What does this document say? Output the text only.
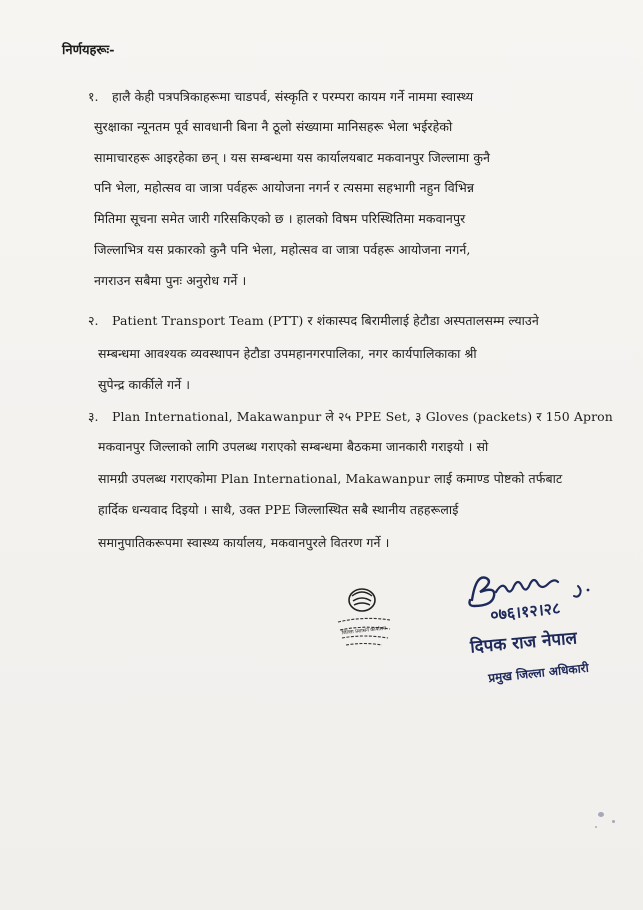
निर्णयहरूः-
१.	हालै केही पत्रपत्रिकाहरूमा चाडपर्व, संस्कृति र परम्परा कायम गर्ने नाममा स्वास्थ्य
सुरक्षाका न्यूनतम पूर्व सावधानी बिना नै ठूलो संख्यामा मानिसहरू भेला भईरहेको
सामाचारहरू आइरहेका छन् । यस सम्बन्धमा यस कार्यालयबाट मकवानपुर जिल्लामा कुनै
पनि भेला, महोत्सव वा जात्रा पर्वहरू आयोजना नगर्न र त्यसमा सहभागी नहुन विभिन्न
मितिमा सूचना समेत जारी गरिसकिएको छ । हालको विषम परिस्थितिमा मकवानपुर
जिल्लाभित्र यस प्रकारको कुनै पनि भेला, महोत्सव वा जात्रा पर्वहरू आयोजना नगर्न,
नगराउन सबैमा पुनः अनुरोध गर्ने ।
२.	Patient Transport Team (PTT) र शंकास्पद बिरामीलाई हेटौडा अस्पतालसम्म ल्याउने
सम्बन्धमा आवश्यक व्यवस्थापन हेटौडा उपमहानगरपालिका, नगर कार्यपालिकाका श्री
सुपेन्द्र कार्कीले गर्ने ।
३.	Plan International, Makawanpur ले २५ PPE Set, ३ Gloves (packets) र 150 Apron
मकवानपुर जिल्लाको लागि उपलब्ध गराएको सम्बन्धमा बैठकमा जानकारी गराइयो । सो
सामग्री उपलब्ध गराएकोमा Plan International, Makawanpur लाई कमाण्ड पोष्टको तर्फबाट
हार्दिक धन्यवाद दिइयो । साथै, उक्त PPE जिल्लास्थित सबै स्थानीय तहहरूलाई
समानुपातिकरूपमा स्वास्थ्य कार्यालय, मकवानपुरले वितरण गर्ने ।
जिल्ला प्रशासन कार्यालय
०७६।१२।२८
दिपक राज नेपाल
प्रमुख जिल्ला अधिकारी
